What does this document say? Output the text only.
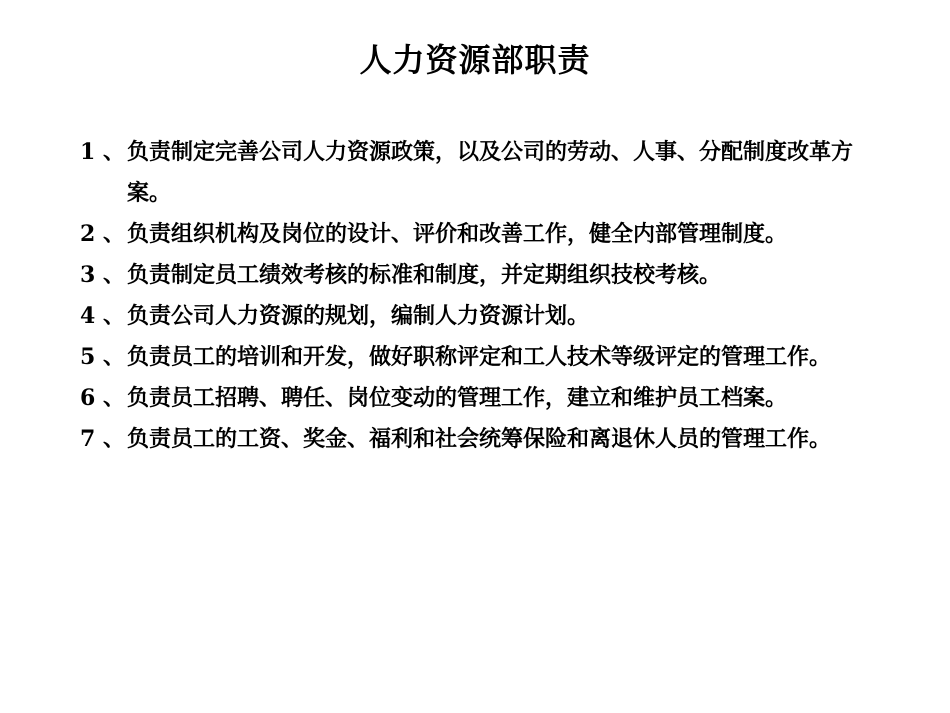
人力资源部职责
1 、 负责制定完善公司人力资源政策，以及公司的劳动、人事、分配制度改革方案。
2 、 负责组织机构及岗位的设计、评价和改善工作，健全内部管理制度。
3 、 负责制定员工绩效考核的标准和制度，并定期组织技校考核。
4 、 负责公司人力资源的规划，编制人力资源计划。
5 、 负责员工的培训和开发，做好职称评定和工人技术等级评定的管理工作。
6 、 负责员工招聘、聘任、岗位变动的管理工作，建立和维护员工档案。
7 、 负责员工的工资、奖金、福利和社会统筹保险和离退休人员的管理工作。
